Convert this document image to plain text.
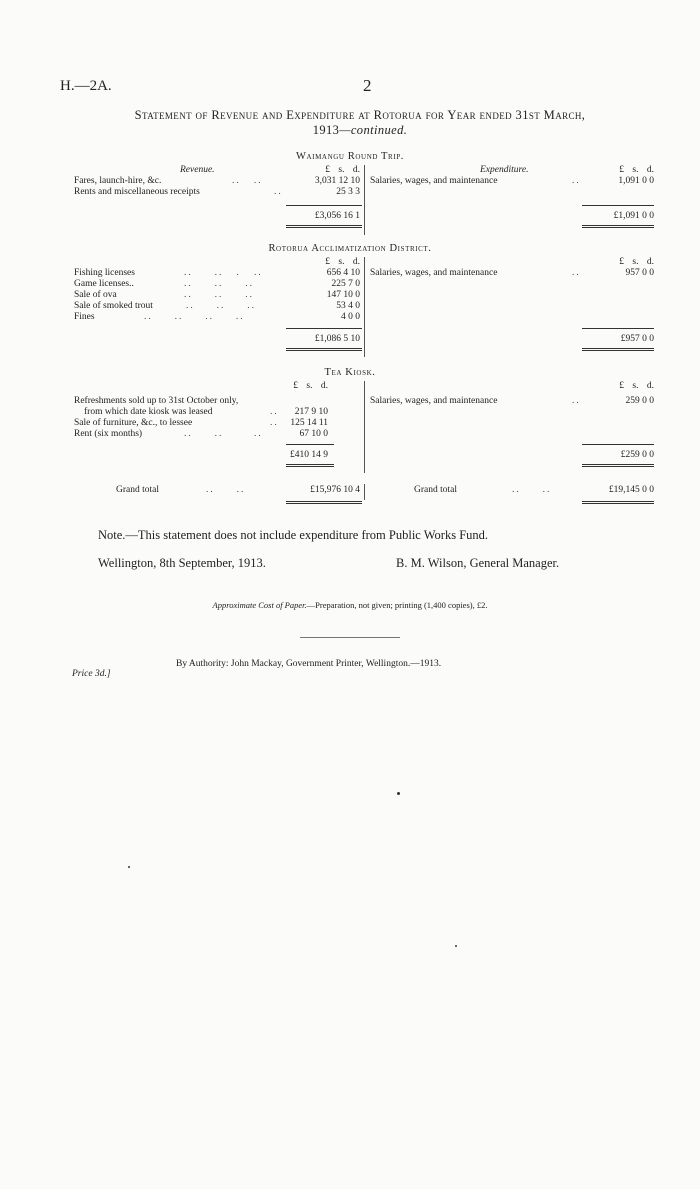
H.—2A.	2
Statement of Revenue and Expenditure at Rotorua for Year ended 31st March,
1913—continued.
Waimangu Round Trip.
Revenue.	£ s. d.
Fares, launch-hire, &c.	..   ..	3,031 12 10
Rents and miscellaneous receipts	..	25 3 3
£3,056 16 1
Expenditure.	£ s. d.
Salaries, wages, and maintenance	..	1,091 0 0
£1,091 0 0
Rotorua Acclimatization District.
£ s. d.
Fishing licenses	..     ..   .   ..	656 4 10
Game licenses..	..     ..     ..	225 7 0
Sale of ova	..     ..     ..	147 10 0
Sale of smoked trout	..     ..     ..	53 4 0
Fines	..     ..     ..     ..	4 0 0
£1,086 5 10
£ s. d.
Salaries, wages, and maintenance	..	957 0 0
£957 0 0
Tea Kiosk.
£ s. d.
Refreshments sold up to 31st October only,
from which date kiosk was leased	.. 217 9 10
Sale of furniture, &c., to lessee	.. 125 14 11
Rent (six months)	..     ..       ..	67 10 0
£410 14 9
£ s. d.
Salaries, wages, and maintenance	..	259 0 0
£259 0 0
Grand total	..     ..	£15,976 10 4	Grand total	..     ..	£19,145 0 0
Note.—This statement does not include expenditure from Public Works Fund.
Wellington, 8th September, 1913.	B. M. Wilson, General Manager.
Approximate Cost of Paper.—Preparation, not given; printing (1,400 copies), £2.
By Authority: John Mackay, Government Printer, Wellington.—1913.
Price 3d.]
